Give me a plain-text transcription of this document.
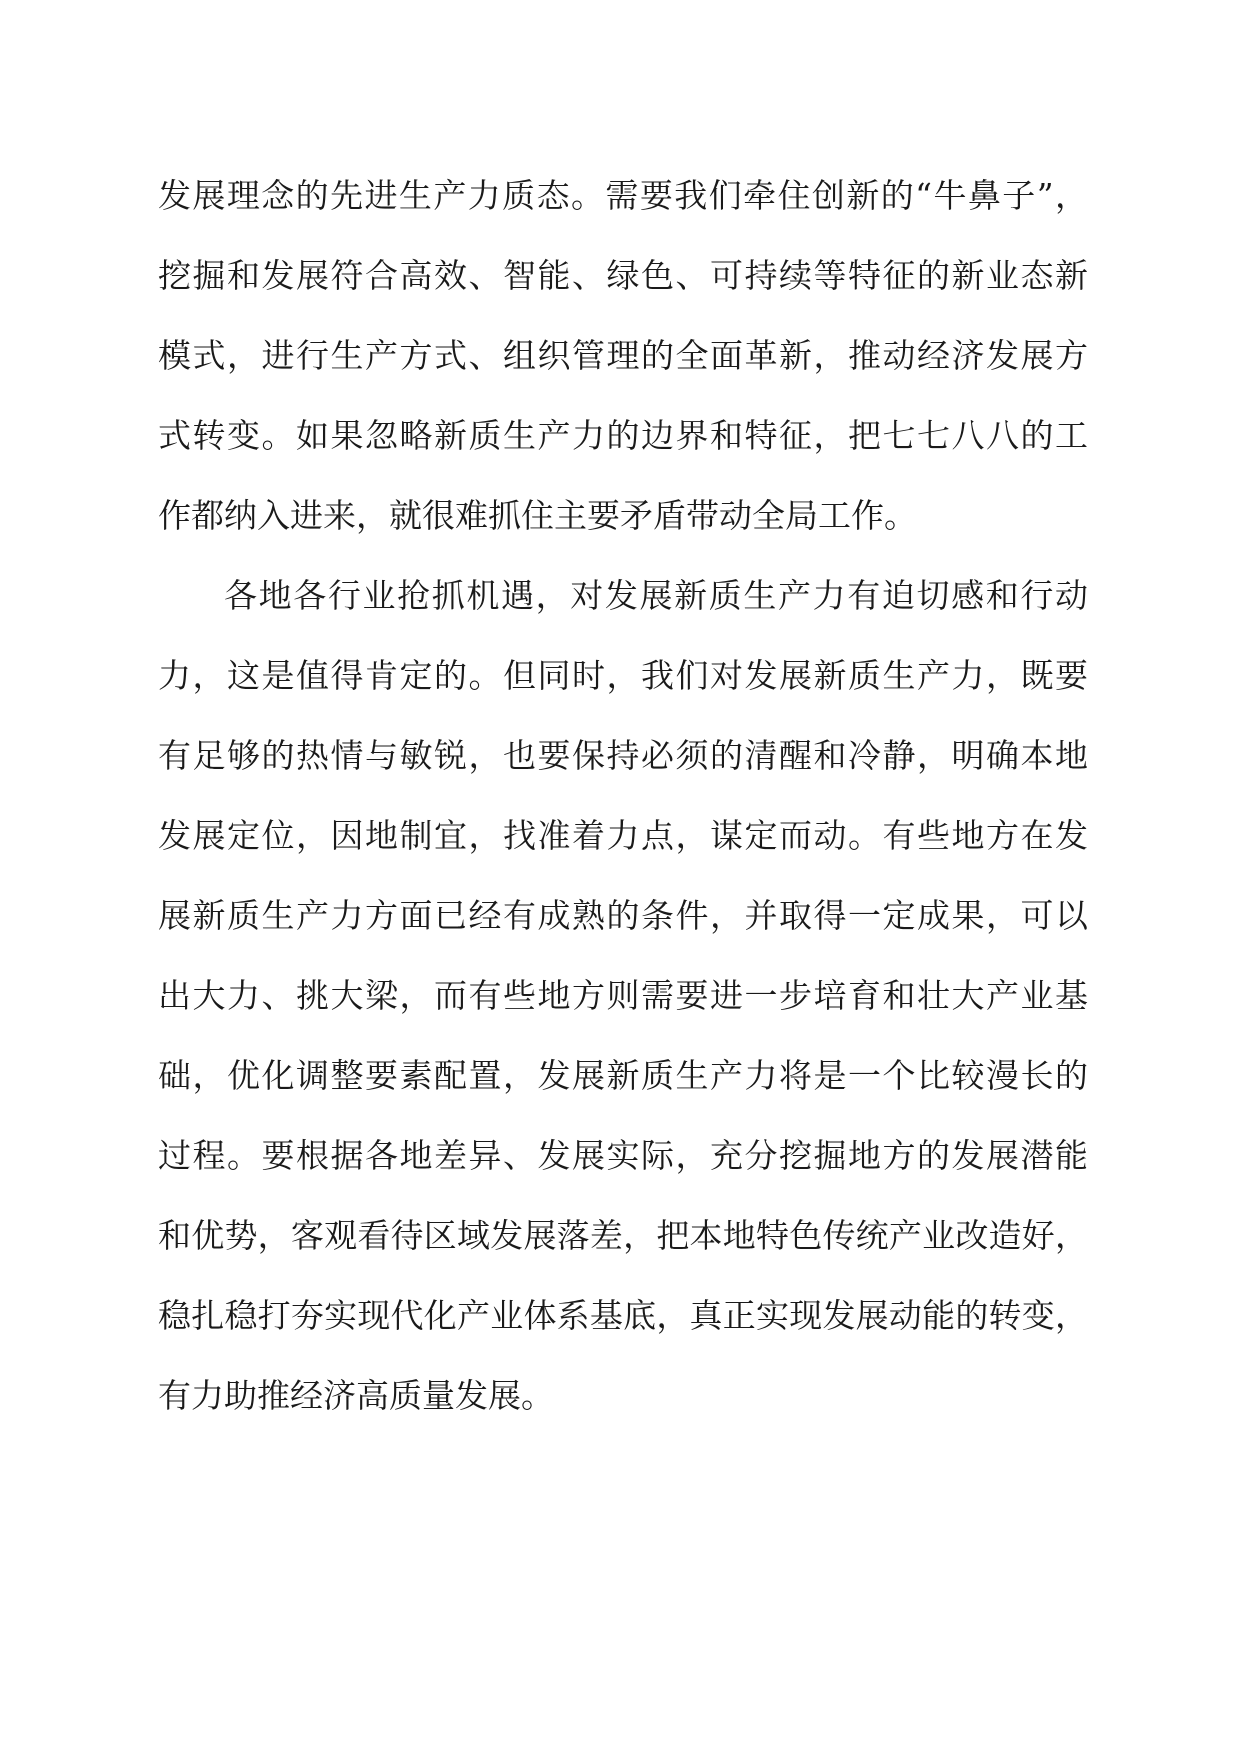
发展理念的先进生产力质态。需要我们牵住创新的“牛鼻子”，
挖掘和发展符合高效、智能、绿色、可持续等特征的新业态新
模式，进行生产方式、组织管理的全面革新，推动经济发展方
式转变。如果忽略新质生产力的边界和特征，把七七八八的工
作都纳入进来，就很难抓住主要矛盾带动全局工作。
各地各行业抢抓机遇，对发展新质生产力有迫切感和行动
力，这是值得肯定的。但同时，我们对发展新质生产力，既要
有足够的热情与敏锐，也要保持必须的清醒和冷静，明确本地
发展定位，因地制宜，找准着力点，谋定而动。有些地方在发
展新质生产力方面已经有成熟的条件，并取得一定成果，可以
出大力、挑大梁，而有些地方则需要进一步培育和壮大产业基
础，优化调整要素配置，发展新质生产力将是一个比较漫长的
过程。要根据各地差异、发展实际，充分挖掘地方的发展潜能
和优势，客观看待区域发展落差，把本地特色传统产业改造好，
稳扎稳打夯实现代化产业体系基底，真正实现发展动能的转变，
有力助推经济高质量发展。
